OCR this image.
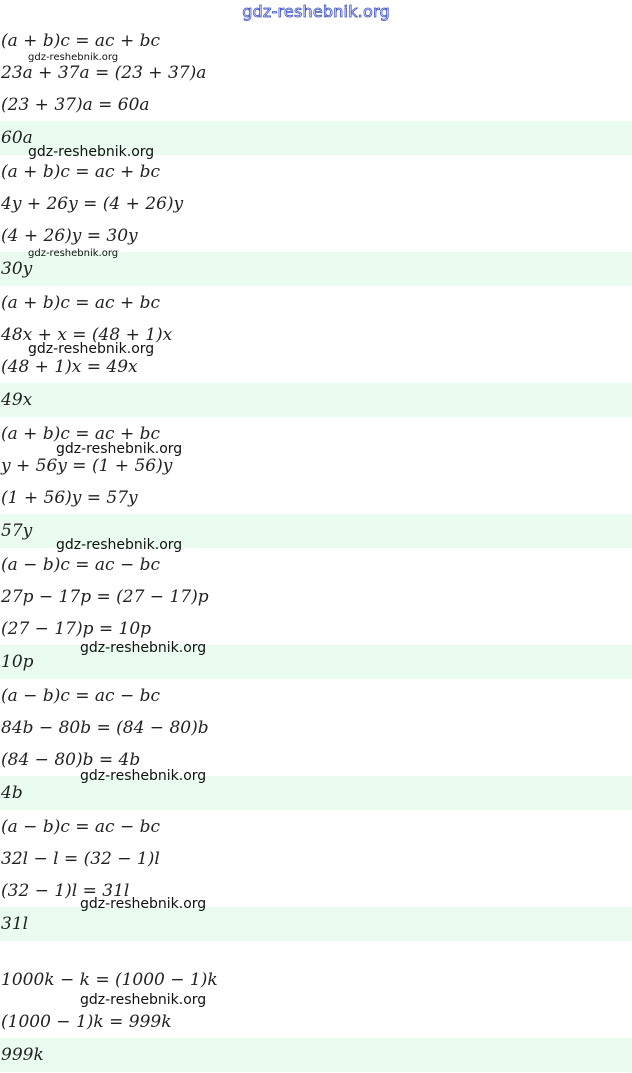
gdz-reshebnik.org
(a + b)c = ac + bc
23a + 37a = (23 + 37)a
(23 + 37)a = 60a
60a
(a + b)c = ac + bc
4y + 26y = (4 + 26)y
(4 + 26)y = 30y
30y
(a + b)c = ac + bc
48x + x = (48 + 1)x
(48 + 1)x = 49x
49x
(a + b)c = ac + bc
y + 56y = (1 + 56)y
(1 + 56)y = 57y
57y
(a − b)c = ac − bc
27p − 17p = (27 − 17)p
(27 − 17)p = 10p
10p
(a − b)c = ac − bc
84b − 80b = (84 − 80)b
(84 − 80)b = 4b
4b
(a − b)c = ac − bc
32l − l = (32 − 1)l
(32 − 1)l = 31l
31l
1000k − k = (1000 − 1)k
(1000 − 1)k = 999k
999k
gdz-reshebnik.org
gdz-reshebnik.org
gdz-reshebnik.org
gdz-reshebnik.org
gdz-reshebnik.org
gdz-reshebnik.org
gdz-reshebnik.org
gdz-reshebnik.org
gdz-reshebnik.org
gdz-reshebnik.org
